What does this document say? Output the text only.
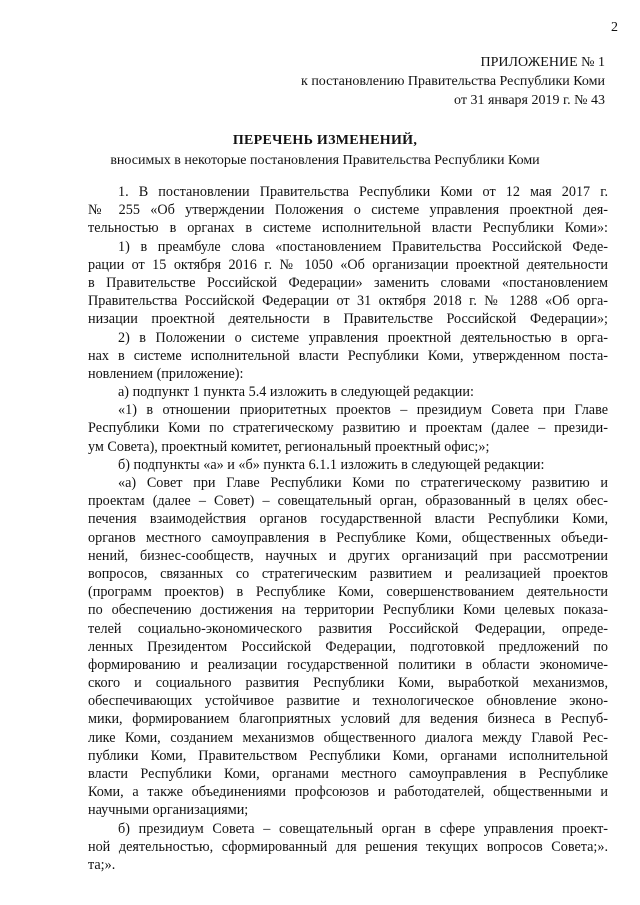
2
ПРИЛОЖЕНИЕ № 1
к постановлению Правительства Республики Коми
от 31 января 2019 г. № 43
ПЕРЕЧЕНЬ ИЗМЕНЕНИЙ,
вносимых в некоторые постановления Правительства Республики Коми
1. В постановлении Правительства Республики Коми от 12 мая 2017 г.
№ 255 «Об утверждении Положения о системе управления проектной дея-
тельностью в органах в системе исполнительной власти Республики Коми»:
1) в преамбуле слова «постановлением Правительства Российской Феде-
рации от 15 октября 2016 г. № 1050 «Об организации проектной деятельности
в Правительстве Российской Федерации» заменить словами «постановлением
Правительства Российской Федерации от 31 октября 2018 г. № 1288 «Об орга-
низации проектной деятельности в Правительстве Российской Федерации»;
2) в Положении о системе управления проектной деятельностью в орга-
нах в системе исполнительной власти Республики Коми, утвержденном поста-
новлением (приложение):
а) подпункт 1 пункта 5.4 изложить в следующей редакции:
«1) в отношении приоритетных проектов – президиум Совета при Главе
Республики Коми по стратегическому развитию и проектам (далее – президи-
ум Совета), проектный комитет, региональный проектный офис;»;
б) подпункты «а» и «б» пункта 6.1.1 изложить в следующей редакции:
«а) Совет при Главе Республики Коми по стратегическому развитию и
проектам (далее – Совет) – совещательный орган, образованный в целях обес-
печения взаимодействия органов государственной власти Республики Коми,
органов местного самоуправления в Республике Коми, общественных объеди-
нений, бизнес-сообществ, научных и других организаций при рассмотрении
вопросов, связанных со стратегическим развитием и реализацией проектов
(программ проектов) в Республике Коми, совершенствованием деятельности
по обеспечению достижения на территории Республики Коми целевых показа-
телей социально-экономического развития Российской Федерации, опреде-
ленных Президентом Российской Федерации, подготовкой предложений по
формированию и реализации государственной политики в области экономиче-
ского и социального развития Республики Коми, выработкой механизмов,
обеспечивающих устойчивое развитие и технологическое обновление эконо-
мики, формированием благоприятных условий для ведения бизнеса в Респуб-
лике Коми, созданием механизмов общественного диалога между Главой Рес-
публики Коми, Правительством Республики Коми, органами исполнительной
власти Республики Коми, органами местного самоуправления в Республике
Коми, а также объединениями профсоюзов и работодателей, общественными и
научными организациями;
б) президиум Совета – совещательный орган в сфере управления проект-
ной деятельностью, сформированный для решения текущих вопросов Совета;».
та;».
